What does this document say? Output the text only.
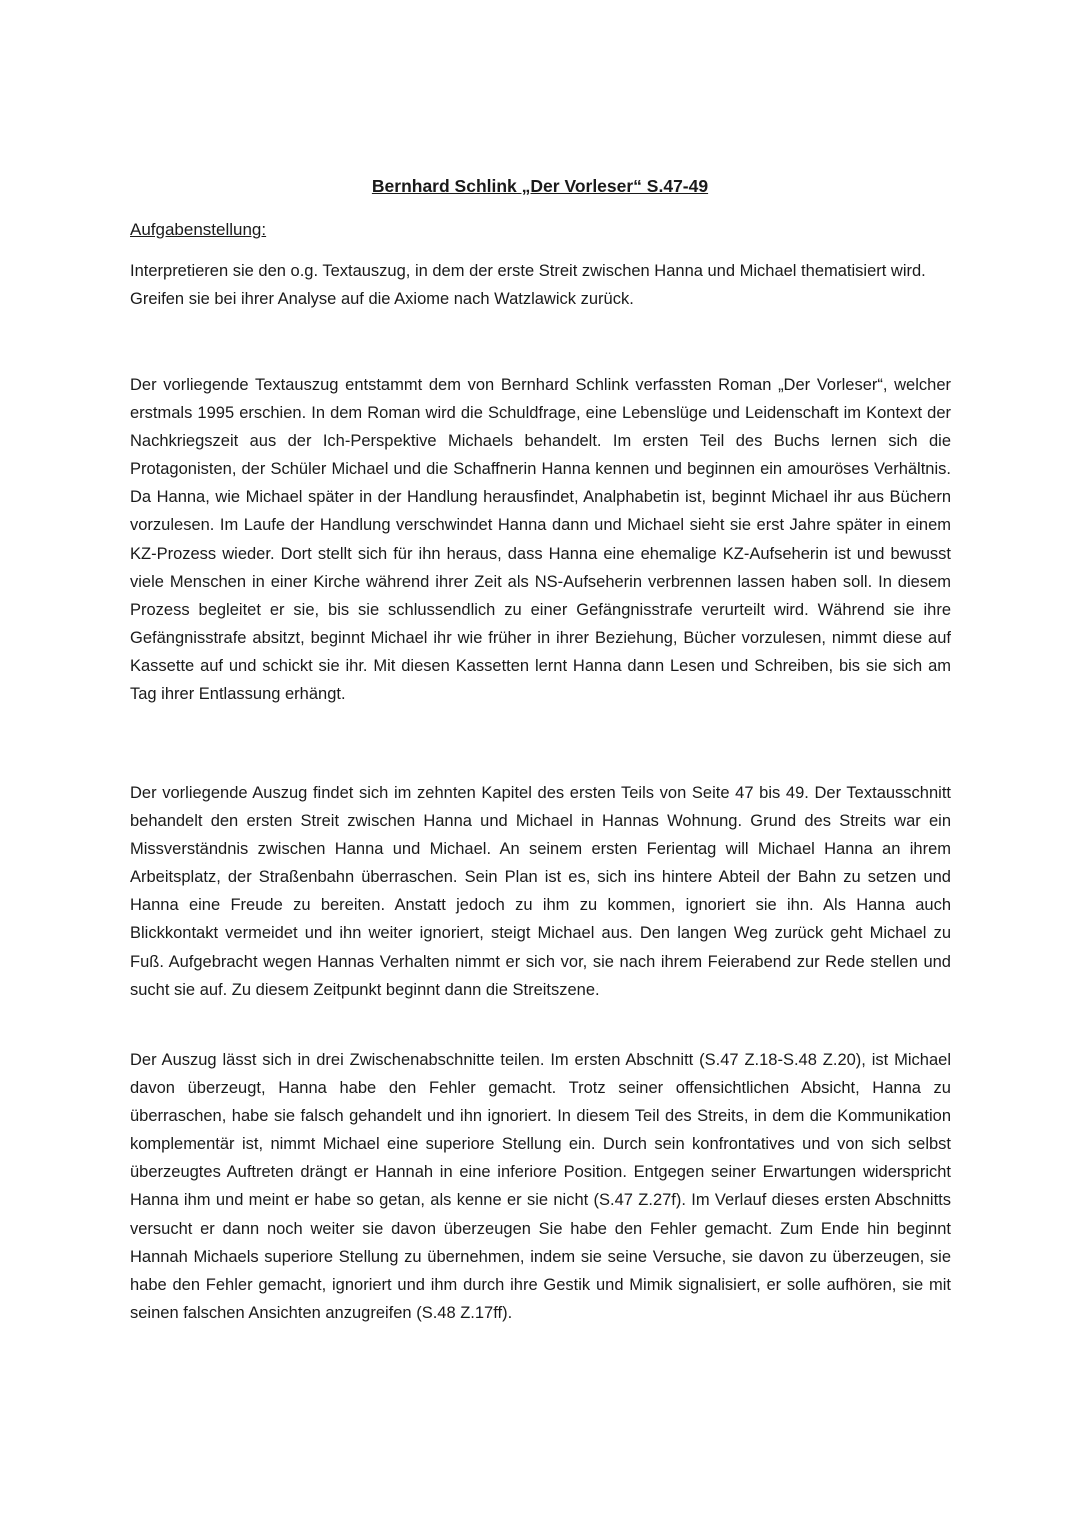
Bernhard Schlink „Der Vorleser“ S.47-49
Aufgabenstellung:

Interpretieren sie den o.g. Textauszug, in dem der erste Streit zwischen Hanna und Michael thematisiert wird. Greifen sie bei ihrer Analyse auf die Axiome nach Watzlawick zurück.

Der vorliegende Textauszug entstammt dem von Bernhard Schlink verfassten Roman „Der Vorleser“, welcher erstmals 1995 erschien. In dem Roman wird die Schuldfrage, eine Lebenslüge und Leidenschaft im Kontext der Nachkriegszeit aus der Ich-Perspektive Michaels behandelt. Im ersten Teil des Buchs lernen sich die Protagonisten, der Schüler Michael und die Schaffnerin Hanna kennen und beginnen ein amouröses Verhältnis. Da Hanna, wie Michael später in der Handlung herausfindet, Analphabetin ist, beginnt Michael ihr aus Büchern vorzulesen. Im Laufe der Handlung verschwindet Hanna dann und Michael sieht sie erst Jahre später in einem KZ-Prozess wieder. Dort stellt sich für ihn heraus, dass Hanna eine ehemalige KZ-Aufseherin ist und bewusst viele Menschen in einer Kirche während ihrer Zeit als NS-Aufseherin verbrennen lassen haben soll. In diesem Prozess begleitet er sie, bis sie schlussendlich zu einer Gefängnisstrafe verurteilt wird. Während sie ihre Gefängnisstrafe absitzt, beginnt Michael ihr wie früher in ihrer Beziehung, Bücher vorzulesen, nimmt diese auf Kassette auf und schickt sie ihr. Mit diesen Kassetten lernt Hanna dann Lesen und Schreiben, bis sie sich am Tag ihrer Entlassung erhängt.

Der vorliegende Auszug findet sich im zehnten Kapitel des ersten Teils von Seite 47 bis 49. Der Textausschnitt behandelt den ersten Streit zwischen Hanna und Michael in Hannas Wohnung. Grund des Streits war ein Missverständnis zwischen Hanna und Michael. An seinem ersten Ferientag will Michael Hanna an ihrem Arbeitsplatz, der Straßenbahn überraschen. Sein Plan ist es, sich ins hintere Abteil der Bahn zu setzen und Hanna eine Freude zu bereiten. Anstatt jedoch zu ihm zu kommen, ignoriert sie ihn. Als Hanna auch Blickkontakt vermeidet und ihn weiter ignoriert, steigt Michael aus. Den langen Weg zurück geht Michael zu Fuß. Aufgebracht wegen Hannas Verhalten nimmt er sich vor, sie nach ihrem Feierabend zur Rede stellen und sucht sie auf. Zu diesem Zeitpunkt beginnt dann die Streitszene.

Der Auszug lässt sich in drei Zwischenabschnitte teilen. Im ersten Abschnitt (S.47 Z.18-S.48 Z.20), ist Michael davon überzeugt, Hanna habe den Fehler gemacht. Trotz seiner offensichtlichen Absicht, Hanna zu überraschen, habe sie falsch gehandelt und ihn ignoriert. In diesem Teil des Streits, in dem die Kommunikation komplementär ist, nimmt Michael eine superiore Stellung ein. Durch sein konfrontatives und von sich selbst überzeugtes Auftreten drängt er Hannah in eine inferiore Position. Entgegen seiner Erwartungen widerspricht Hanna ihm und meint er habe so getan, als kenne er sie nicht (S.47 Z.27f). Im Verlauf dieses ersten Abschnitts versucht er dann noch weiter sie davon überzeugen Sie habe den Fehler gemacht. Zum Ende hin beginnt Hannah Michaels superiore Stellung zu übernehmen, indem sie seine Versuche, sie davon zu überzeugen, sie habe den Fehler gemacht, ignoriert und ihm durch ihre Gestik und Mimik signalisiert, er solle aufhören, sie mit seinen falschen Ansichten anzugreifen (S.48 Z.17ff).
